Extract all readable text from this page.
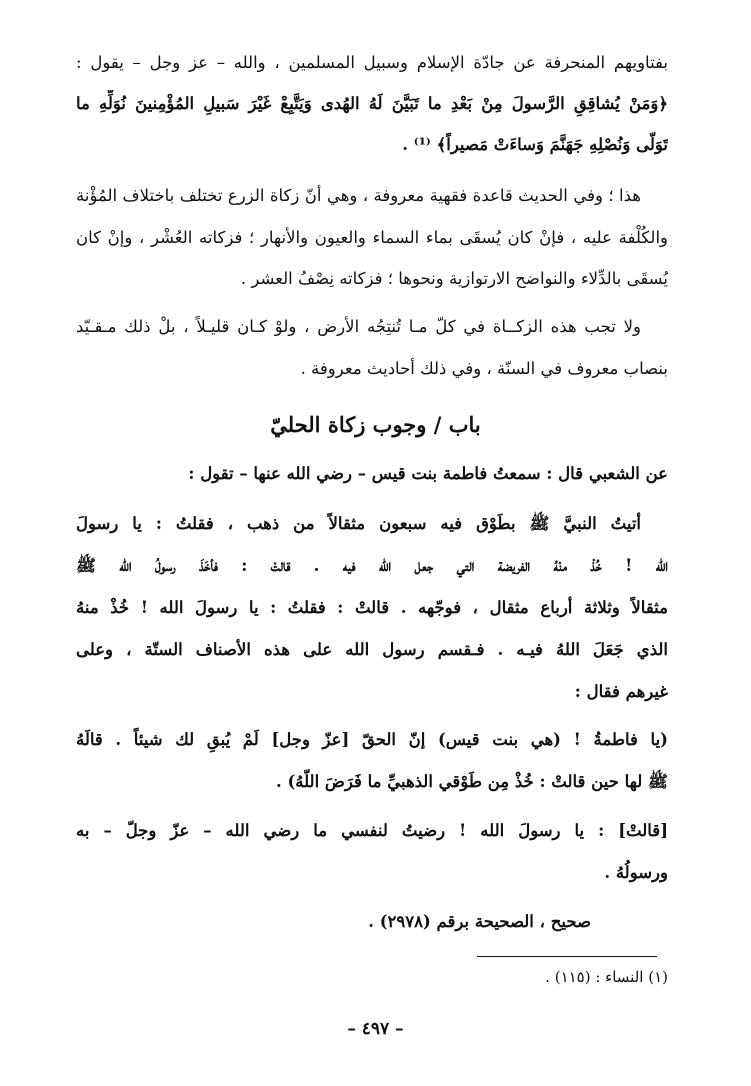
بفتاويهم المنحرفة عن جادّة الإسلام وسبيل المسلمين ، والله – عز وجل – يقول :
﴿وَمَنْ يُشاقِقِ الرَّسولَ مِنْ بَعْدِ ما تَبَيَّنَ لَهُ الهُدى وَيَتَّبِعْ غَيْرَ سَبيلِ المُؤْمِنينَ نُوَلِّهِ ما
تَوَلّى وَنُصْلِهِ جَهَنَّمَ وَساءَتْ مَصيراً﴾ ⁽¹⁾ .
هذا ؛ وفي الحديث قاعدة فقهية معروفة ، وهي أنّ زكاة الزرع تختلف باختلاف المُؤْنة
والكُلْفة عليه ، فإنْ كان يُسقَى بماء السماء والعيون والأنهار ؛ فزكاته العُشْر ، وإنْ كان
يُسقَى بالدِّلاء والنواضح الارتوازية ونحوها ؛ فزكاته نِصْفُ العشر .
ولا تجب هذه الزكــاة في كلّ مـا تُنتِجُه الأرض ، ولوْ كـان قليـلاً ، بلْ ذلك مـقـيّد
بنصاب معروف في السنّة ، وفي ذلك أحاديث معروفة .
باب / وجوب زكاة الحليّ
عن الشعبي قال : سمعتُ فاطمة بنت قيس – رضي الله عنها – تقول :
أتيتُ النبيَّ ﷺ بطَوْق فيه سبعون مثقالاً من ذهب ، فقلتُ : يا رسولَ
الله ! خُذْ منْهُ الفريضة التي جعل الله فيه . قالتْ : فأخَذَ رسولُ الله ﷺ
مثقالاً وثلاثة أرباع مثقال ، فوجّهه . قالتْ : فقلتُ : يا رسولَ الله ! خُذْ منهُ
الذي جَعَلَ اللهُ فيـه . فـقسم رسول الله على هذه الأصناف الستّة ، وعلى
غيرهم فقال :
(يا فاطمةُ ! (هي بنت قيس) إنّ الحقّ [عزّ وجل] لَمْ يُبقِ لك شيئاً . قالَهُ
ﷺ لها حين قالتْ : خُذْ مِن طَوْقي الذهبيِّ ما فَرَضَ اللّهُ) .
[قالتْ] : يا رسولَ الله ! رضيتُ لنفسي ما رضي الله – عزّ وجلّ – به
ورسولُهُ .
صحيح ، الصحيحة برقم (٢٩٧٨) .
(١) النساء : (١١٥) .
– ٤٩٧ –
